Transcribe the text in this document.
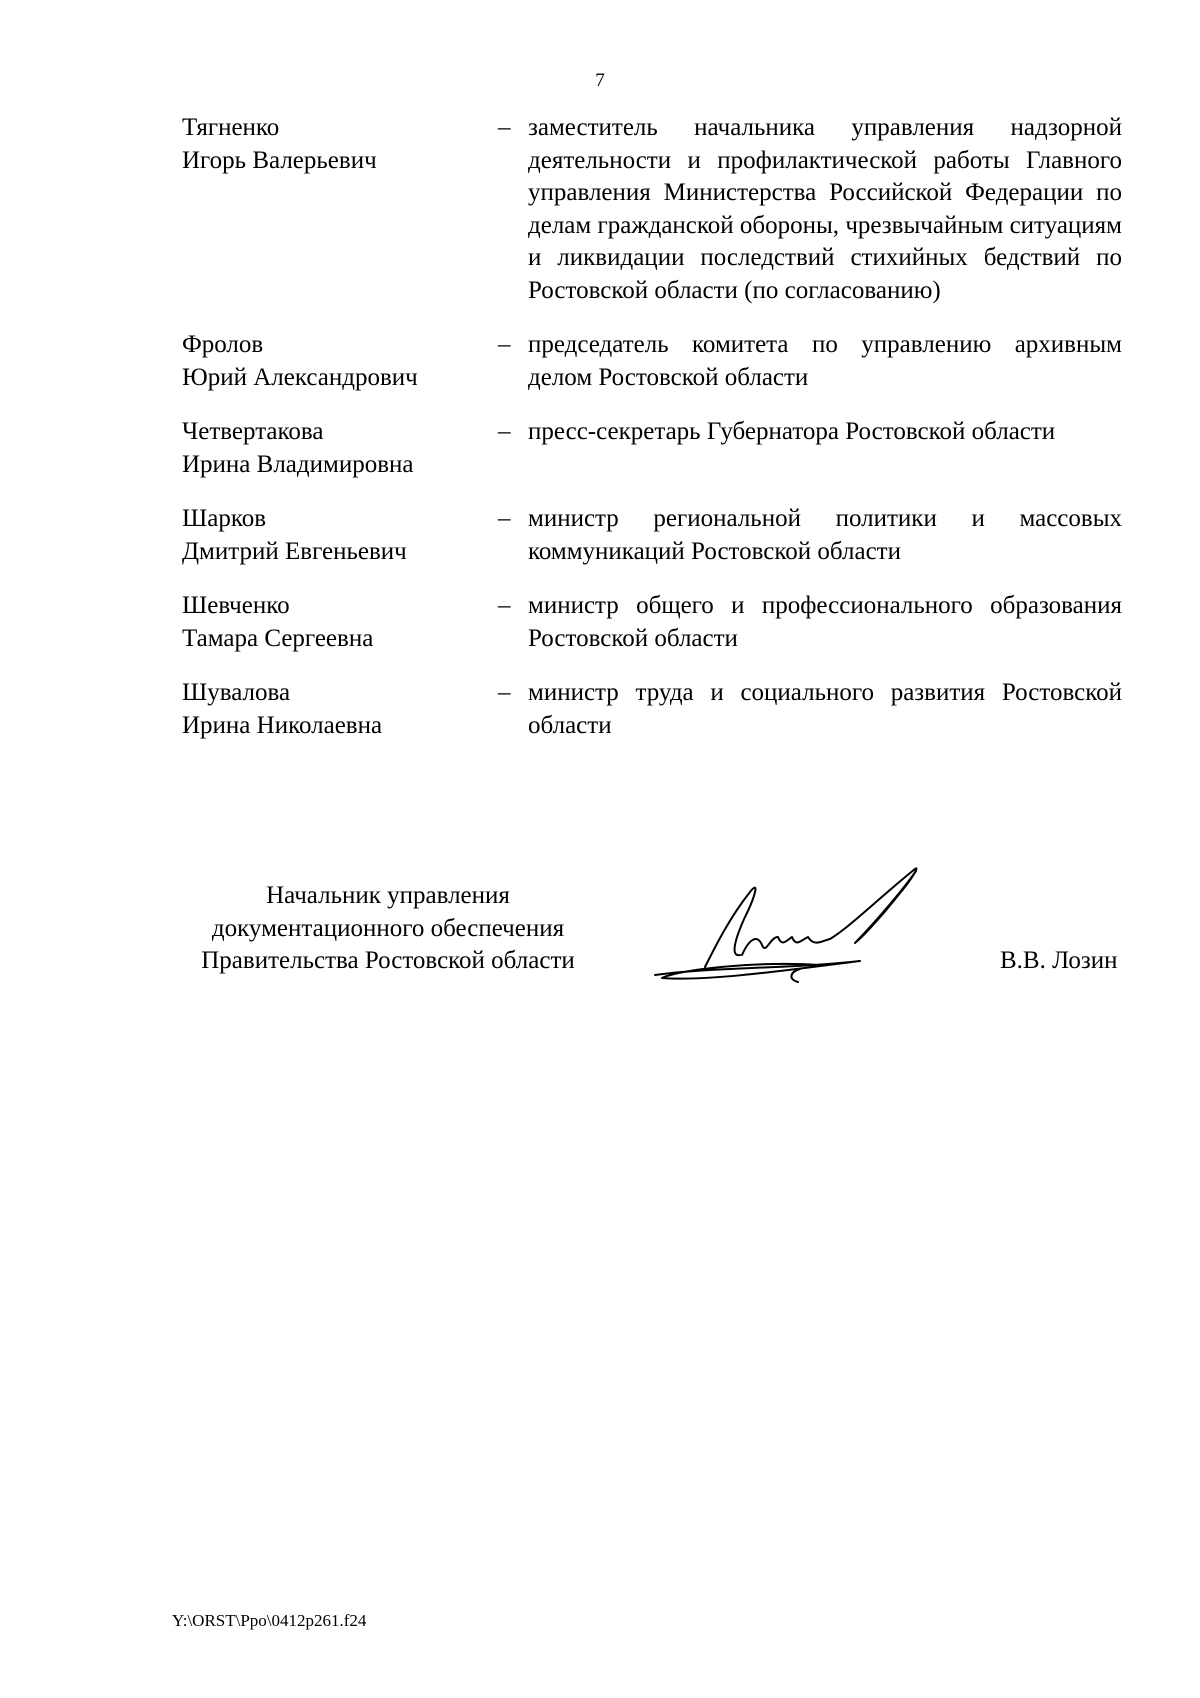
7
Тягненко
Игорь Валерьевич
– заместитель начальника управления надзорной деятельности и профилактической работы Главного управления Министерства Российской Федерации по делам гражданской обороны, чрезвычайным ситуациям и ликвидации последствий стихийных бедствий по Ростовской области (по согласованию)
Фролов
Юрий Александрович
– председатель комитета по управлению архивным делом Ростовской области
Четвертакова
Ирина Владимировна
– пресс-секретарь Губернатора Ростовской области
Шарков
Дмитрий Евгеньевич
– министр региональной политики и массовых коммуникаций Ростовской области
Шевченко
Тамара Сергеевна
– министр общего и профессионального образования Ростовской области
Шувалова
Ирина Николаевна
– министр труда и социального развития Ростовской области
Начальник управления
документационного обеспечения
Правительства Ростовской области	В.В. Лозин
Y:\ORST\Ppo\0412p261.f24
